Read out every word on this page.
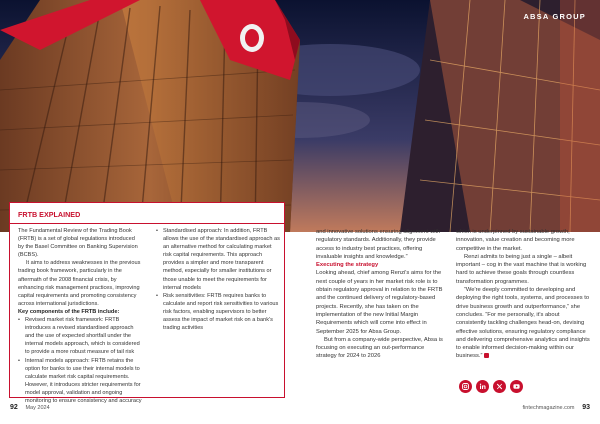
ABSA GROUP
FRTB EXPLAINED

The Fundamental Review of the Trading Book (FRTB) is a set of global regulations introduced by the Basel Committee on Banking Supervision (BCBS).

It aims to address weaknesses in the previous trading book framework, particularly in the aftermath of the 2008 financial crisis, by enhancing risk management practices, improving capital requirements and promoting consistency across international jurisdictions.

Key components of the FRTB include:

• Revised market risk framework: FRTB introduces a revised standardised approach and the use of expected shortfall under the internal models approach, which is considered to provide a more robust measure of tail risk
• Internal models approach: FRTB retains the option for banks to use their internal models to calculate market risk capital requirements. However, it introduces stricter requirements for model approval, validation and ongoing monitoring to ensure consistency and accuracy
• Standardised approach: In addition, FRTB allows the use of the standardised approach as an alternative method for calculating market risk capital requirements. This approach provides a simpler and more transparent method, especially for smaller institutions or those unable to meet the requirements for internal models
• Risk sensitivities: FRTB requires banks to calculate and report risk sensitivities to various risk factors, enabling supervisors to better assess the impact of market risk on a bank's trading activities

and innovative solutions ensuring alignment with regulatory standards. Additionally, they provide access to industry best practices, offering invaluable insights and knowledge.”

Executing the strategy

Looking ahead, chief among Renzi's aims for the next couple of years in her market risk role is to obtain regulatory approval in relation to the FRTB and the continued delivery of regulatory-based projects. Recently, she has taken on the implementation of the new Initial Margin Requirements which will come into effect in September 2025 for Absa Group.

But from a company-wide perspective, Absa is focusing on executing an out-performance strategy for 2024 to 2026

which is underpinned by sustainable growth, innovation, value creation and becoming more competitive in the market.

Renzi admits to being just a single – albeit important – cog in the vast machine that is working hard to achieve these goals through countless transformation programmes.

“We're deeply committed to developing and deploying the right tools, systems, and processes to drive business growth and outperformance,” she concludes. “For me personally, it's about consistently tackling challenges head-on, devising effective solutions, ensuring regulatory compliance and delivering comprehensive analytics and insights to enable informed decision-making within our business.”

92 May 2024	fintechmagazine.com 93
